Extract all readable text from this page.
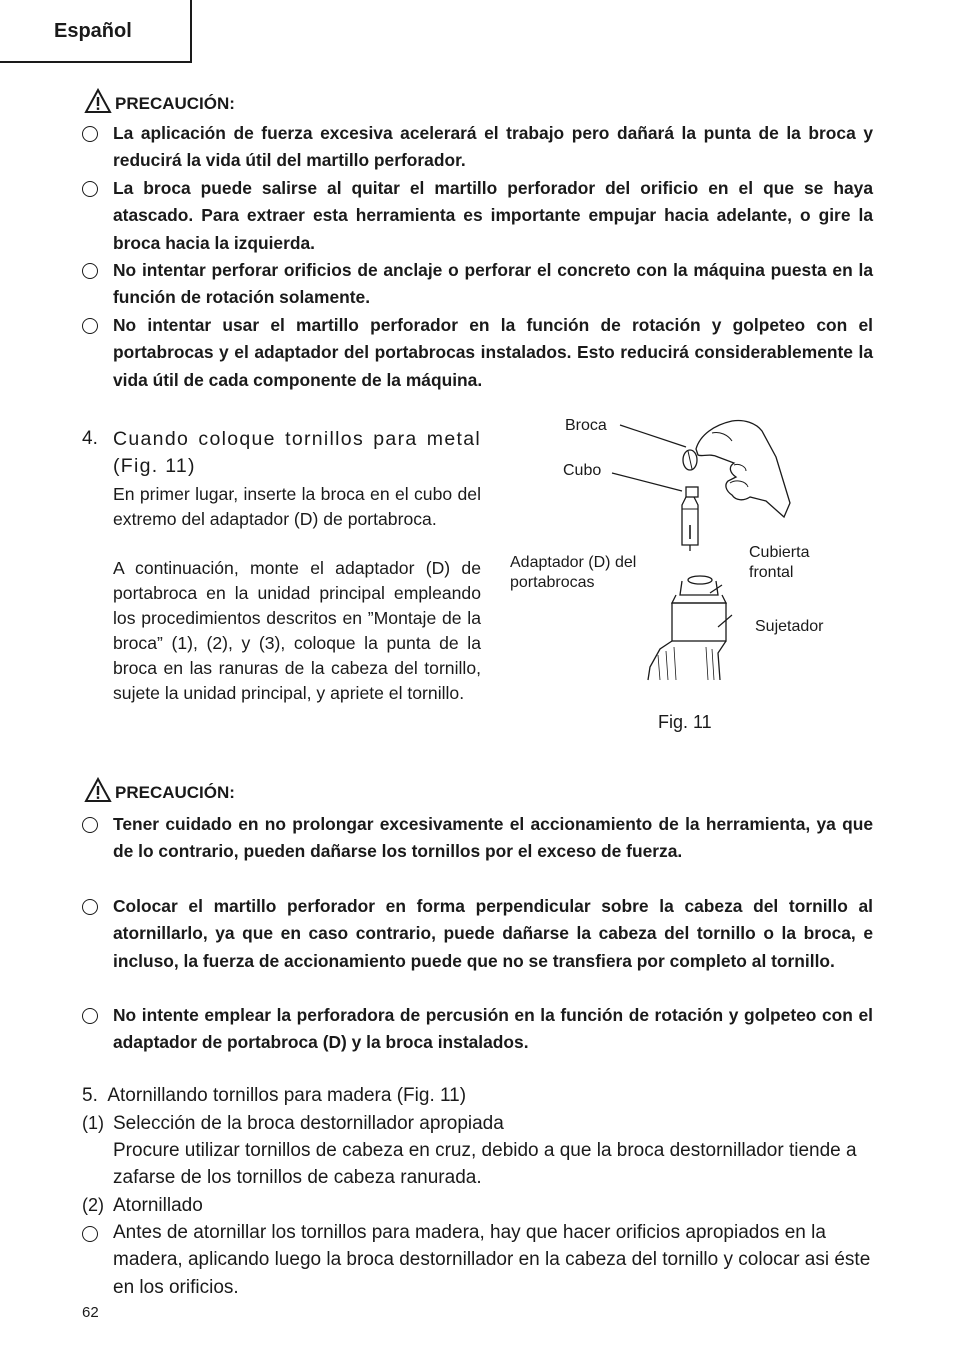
Español
PRECAUCIÓN:
La aplicación de fuerza excesiva acelerará el trabajo pero dañará la punta de la broca y reducirá la vida útil del martillo perforador.
La broca puede salirse al quitar el martillo perforador del orificio en el que se haya atascado. Para extraer esta herramienta es importante empujar hacia adelante, o gire la broca hacia la izquierda.
No intentar perforar orificios de anclaje o perforar el concreto con la máquina puesta en la función de rotación solamente.
No intentar usar el martillo perforador en la función de rotación y golpeteo con el portabrocas y el adaptador del portabrocas instalados. Esto reducirá considerablemente la vida útil de cada componente de la máquina.
4. Cuando coloque tornillos para metal (Fig. 11)
En primer lugar, inserte la broca en el cubo del extremo del adaptador (D) de portabroca.
A continuación, monte el adaptador (D) de portabroca en la unidad principal empleando los procedimientos descritos en ”Montaje de la broca” (1), (2), y (3), coloque la punta de la broca en las ranuras de la cabeza del tornillo, sujete la unidad principal, y apriete el tornillo.
Broca
Cubo
Adaptador (D) del portabrocas
Cubierta frontal
Sujetador
Fig. 11
PRECAUCIÓN:
Tener cuidado en no prolongar excesivamente el accionamiento de la herramienta, ya que de lo contrario, pueden dañarse los tornillos por el exceso de fuerza.
Colocar el martillo perforador en forma perpendicular sobre la cabeza del tornillo al atornillarlo, ya que en caso contrario, puede dañarse la cabeza del tornillo o la broca, e incluso, la fuerza de accionamiento puede que no se transfiera por completo al tornillo.
No intente emplear la perforadora de percusión en la función de rotación y golpeteo con el adaptador de portabroca (D) y la broca instalados.
5.  Atornillando tornillos para madera (Fig. 11)
(1) Selección de la broca destornillador apropiada
Procure utilizar tornillos de cabeza en cruz, debido a que la broca destornillador tiende a zafarse de los tornillos de cabeza ranurada.
(2) Atornillado
Antes de atornillar los tornillos para madera, hay que hacer orificios apropiados en la madera, aplicando luego la broca destornillador en la cabeza del tornillo y colocar asi éste en los orificios.
62
